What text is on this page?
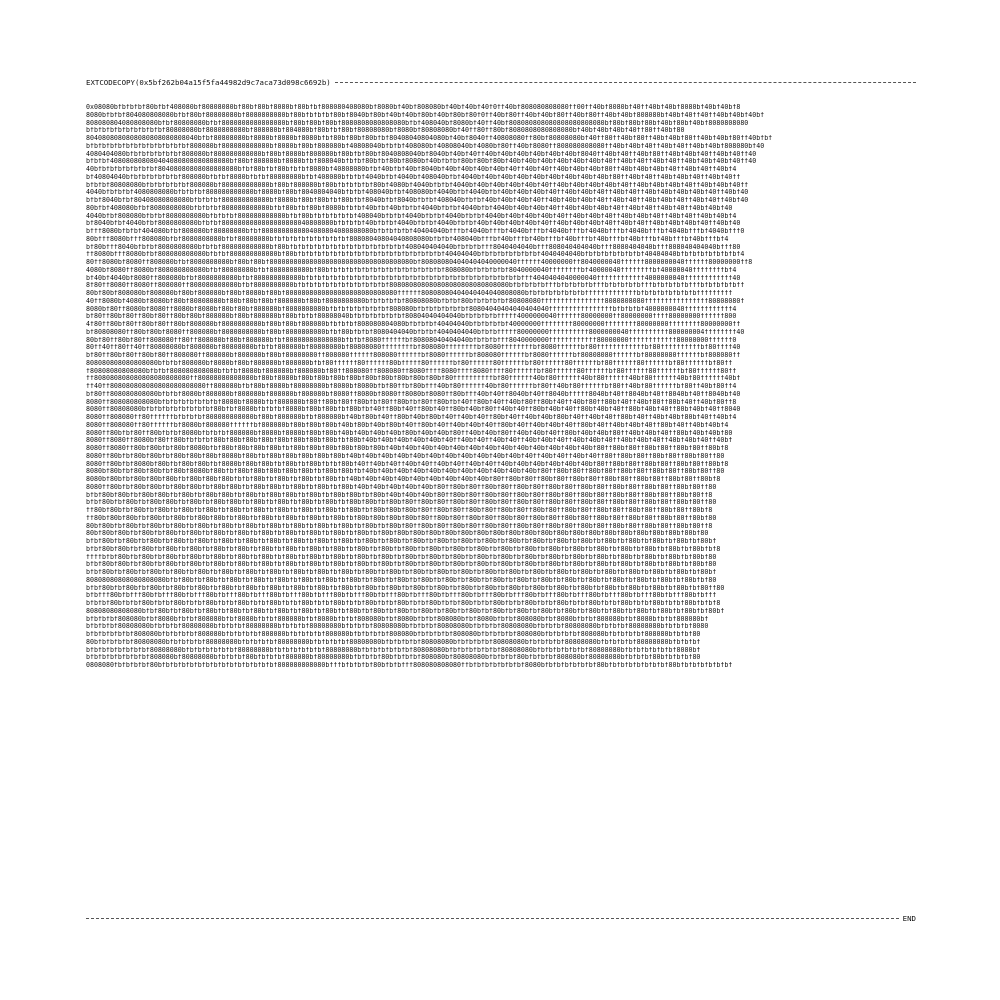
EXTCODECOPY(0x5bf262b04a15f5fa44982d9c7aca73d098c6692b)
0x08080bfbfbfbf80bfbf408080bf80808080bf80bf80bf8080bf80bfbf808080408080bf8080bf40bf808080bf40bf40bf40f0ff40bf808080808080ff00ff40bf8080bf40ff40bf40bf8080bf40bf40bf8
8080bfbfbf804080808080bfbf80bf80808080bf8080808080bf80bfbfbfbf80bf8040bf80bf40bf40bf80bf40bf80bf80f0ff40bf80ff40bf40bf80ff40bf80ff40bf40bf808080bf40bf40ff40ff40bf40bf40bf
808080804080808080bfbf80808080bfbf8080808080808080bf80bf80bf80bf8080808080808080bfbf408040bf8080bf40ff40bf808080808080808080808080bf80bf80bf80bf40bf80bf40bf8080808080
bfbfbfbfbfbfbfbfbfbf80808080bf8080808080bf808080bf804080bf80bfbf80bf80808080bf8080bf80808080bf40ff80ff80bf8080808080808080bf40bf40bf40bf40ff80ff40bf80
8040808080808080808080808040bfbf80808080bf8080bf8080bf8080bfbf80bf80bf80bfbf80408040804080bf40bf8040ff40808080ff80bf80808080bf40ff80ff40bf80ff40bf40bf80ff40bf40bf80ff40bfbf
bfbfbfbfbfbfbfbfbfbfbfbfbf808080bf808080808080bf8080bf80bf808080bf40808040bfbfbf408080bf40808040bf4080bf80ff40bf8080ff808080808080ff40bf40bf40ff40bf40ff40bf40bf808080bf40
4080404080bfbfbfbfbfbfbf808080bf808080808080bf80bf8080bf808080bf80bfbf80bf8040808040bf8040bf40bf40ff40bf40bf40bf40bf40bf40bf8040ff40bf40ff40bf80ff40bf40bf40ff40bf40ff40
bfbfbf408080808080404080808080808080bf80bf808080bf8080bfbf808040bfbfbf80bfbf80bf8080bf40bfbfbf80bf80bf80bf40bf40bf40bf40bf40bf40bf40ff40bf40ff40bf40ff40bf40bf40bf40ff40
40bfbfbfbfbfbfbfbf80408080808080808080bfbf80bfbf80bfbfbf8080bf40808080bfbf40bfbf40bf8040bf40bf40bf40bf40bf40ff40bf40ff40bf40bf40bf80ff40bf40bf40bf40ff40bf40ff40bf4
bf40804040bfbfbfbfbfbfbf808080bfbfbf8080bfbfbf80808080bfbf408080bfbfbf4040bfbf4040bf408040bfbf4040bf40bf40bf40bf40bf40bf40bf40bf40bf80ff40bf40ff40bf40bf40ff40bf40ff
bfbfbf80808080bfbfbfbfbfbf808080bf808080808080bf80bf808080bf80bfbfbfbfbf80bf4080bf4040bfbfbf4040bf40bf40bf40bf40bf40ff40bf40bf40bf40bf40ff40bf40bf40bf40ff40bf40bf40ff
4040bfbfbfbf4080808080bfbfbfbf808080808080bf8080bf80bf8040804040bfbfbf408040bfbf408080bf4040bfbf4040bfbf40bf40bf40bf40ff40bf40bf40ff40bf40ff40bf40bf40bf40bf40ff40bf40
bfbf8040bfbf80408080808080bfbfbfbf808080808080bf8080bf80bf80bfbf80bfbf8040bfbf8040bfbfbf408040bfbfbf40bf40bf40bf40ff40bf40bf40bf40ff40bf40ff40bf40bf40ff40bf40ff40bf40
80bfbf408080bfbf8080808080bfbfbfbf808080808080bfbf80bfbf80bf8080bfbfbf40bfbf40bfbfbf4040bfbfbf4040bfbf4040bf40bf40bf40ff40bf40bf40bf40ff40bf40ff40bf40ff40bf40bf40
4040bfbf808080bfbfbf8080808080bfbfbfbf808080808080bfbf80bfbfbfbfbfbf408040bfbfbf4040bfbfbf4040bfbfbf4040bf40bf40bf40bf40ff40bf40bf40ff40bf40bf40ff40bf40ff40bf40bf4
bf8040bfbf4040bfbf8080808080bfbfbf8080808080808080808040808080bfbfbfbf40bfbfbf4040bfbfbf4040bfbfbf40bf40bf40bf40bf40ff40bf40bf40bf40ff40bf40ff40bf40bf40bf40ff40bf40
bfff8080bfbfbf404080bfbf808080bf80808080bfbf8080808080804080804080808080bfbfbfbfbf40404040bfffbf4040bfffbf4040bfffbf4040bfffbf4040bfffbf4040bfffbf4040bfffbf4040bfff0
80bfff8080bfff808080bfbf8080808080bfbf80808080bfbfbfbfbfbfbfbfbfbf80808040804040808080bfbfbf408040bfffbf40bfffbf40bfffbf40bfffbf40bfffbf40bfffbf40bfffbf40bfffbf4
bf80bfff8040bfbfbf8080808080bfbfbf808080808080bf80bfbfbfbfbfbfbfbfbfbfbfbfbfbfbf408040404040bfbfbfbfff8040404040bfff808040404040bfff8080404040bfff808040404040bfff80
ff8080bfff8080bfbf808080808080bfbfbf808080808080bf80bfbfbfbfbfbfbfbfbfbfbfbfbfbfbfbfbfbfbf40404040bfbfbfbfbfbfbfbf4040404040bfbfbfbfbfbfbfbf40404040bfbfbfbfbfbfbfbf4
80ff8080bf8080ff808080bfbf8080808080bf80bf80bf808080808080808080808080808080808080bf808080804040404040000040ffffff40000000ff8040000040ffffff8000000040ffffff80000000ff8
4080bf8080ff8080bf808080808080bfbf80808080bfbf8080808080bf80bfbfbfbfbfbfbfbfbfbfbfbfbfbfbf808080bfbfbfbfbf8040000040ffffffffbf40000040ffffffffbf40000040ffffffffbf4
bf40bf4040bf8080ff808080bfbf8080808080bfbf808080808080bfbfbfbfbfbfbfbfbfbfbfbfbfbfbfbfbfbfbfbfbfbfbfbfbfbfbfbfff4040404040000040ffffffffffff4000000040ffffffffffff40
8f80ff8080ff8080ff808080ff808080808080bfbf8080808080bfbfbfbfbfbfbfbfbfbfbfbf808080808080808080808080808080bfbfbfbfbfffbfbfbfbfbfffbfbfbfbfbfffbfbfbfbfbfffbfbfbfbfbff
80bf80bf808080bf808080bf80bf808080bf80bf8080bf80bf8080808080808080808080808080ffffff80808080404040404040808080bfbfbfbfbfbfbfbfffffffffffffbfbfbfbfbfbfbfbfffffffff
40ff8080bf4080bf8080bf80bf80808080bf80bf80bf80bf808080bf80bf8080808080bfbfbfbfbf80808080bfbfbf80bfbfbfbfbf80808080ffffffffffffffff8080808080ffffffffffffffff80808080f
8080bf80ff8080bf8080ff8080bf8080bf80bf80bf808080bf8080808080bfbfbfbfbfbfbfbf808080bfbfbfbfbfbfbf80804040404040404040ffffffffffffffffbfbfbfbf4000000040ffffffffffff4
bf80ff80bf80ff80bf80ff80bf80bf808080bf80bf808080bf80bfbfbf80808040bfbfbfbfbfbfbf80804040404040bfbfbfbfbfffff4000000040ffffff80000000ff80000000ffff80000000ffffff800
4f80ff80bf80ff80bf80ff80bf808080bf8080808080bf80bf80bf808080bfbfbfbf808080804080bfbfbfbf40404040bfbfbfbfbf40000000ffffffff80000000ffffffff80000000ffffffff80000000ff
bf80808080ff80bf80bf8080ff808080bf8080808080bf80bf8080808080bfbf80bfbfbf8080404040bfbfbf4040404040bfbfbfffff80000000ffffffffff8000000040ffffffffff800000004ffffffff40
80bf80ff80bf80ff808080ff80ff808080bf80bf808080bfbf80808080808080bfbfbf8080ffffffbf80808040404040bfbfbfbfff8040000000ffffffffffff80000000ffffffffffff80000000ffffff0
80ff40ff80ff40ff80808080bf808080bf80808080bfbfbf808080bf80808080bf80808080ffffffffbf808080ffffffffbf8080ffffffffbf8080ffffffbf80ffffffffffffbf80ffffffffffbf80ffff40
bf80ff80bf80ff80bf80ff808080ff808080bf808080bf80bf80808080ff808080ffffff808080ffffffbf8080ffffffbf808080ffffffbf8080ffffffbf80808080ffffffbf80808080ffffffbf808080ff
808080808080808080bfbfbf808080bf8080bf80bf808080bf808080bfbf80ffffff80ffffff80bfffff80ffffffbf80ffffff80ffffffbf80ffffff80ffffffbf80ffffff80ffffffbf80ffffffbf80ff
f80808080808080bfbfbf808080808080bfbfbf8080bf808080bf808080bf80ff808080ff808080ff8080ffff8080ffff8080ffff80ffffffbf80ffffff80ffffffbf80ffffff80ffffffbf80ffffff80ff
ff808080808080808080808080ff80808080808080bf80bf8080bf80bf80bf80bf80bf80bf80bf80bf80bf80bf80ffffffffffbf80ffffff40bf80ffffff40bf80ffffff40bf80ffffff40bf80ffffff40bf
ff40ff808080808080808080808080ff808080bfbf80bf8080bf80808080bf8080bf8080bfbf80ffbf80bfff40bf80ffffff40bf80ffffffbf80ff40bf80ffffffbf80ff40bf80ffffffbf80ff40bf80ff4
bf80ff808080808080bfbfbf8080bf808080bf808080bf808080bf808080bf8080ff8080bf8080ff8080bf8080ff80bfff40bf40ff8040bf40ff8040bfffff8040bf40ff8040bf40ff8040bf40ff8040bf40
8080ff808080808080bfbfbfbfbfbfbfbf8080bf8080bfbf808080bf80ff80bf80ff80bfbf80ff80bfbf80ff80bfbf40ff80bf40ff40bf80ff80bf40ff40bf80ff80bf40ff40bf80ff80bf40ff40bf80ff8
8080ff80808080bfbfbfbfbfbfbfbfbf80bfbf8080bfbfbfbf8080bf80bf80bfbf80bfbf40ff80bf40ff80bf40ff80bf40bf80ff40bf40ff80bf40bf40ff80bf40bf40ff80bf40bf40ff80bf40bf40ff8040
8080ff808080ff80ffffffbfbfbfbf808080808080bf80bf808080bfbf808080bf40bf80bf40ff80bf40bf80bf40ff40bf40ff80bf40ff40bf40bf80bf40ff40bf40ff80bf40ff40bf40bf80bf40ff40bf4
8080ff808080ff80ffffffbf8080bf808080ffffffbf808080bf80bf80bf80bf40bf80bf40bf80bf40ff80bf40ff40bf40bf40ff80bf40ff40bf40bf40ff80bf40ff40bf40bf40ff80bf40ff40bf40bf4
8080ff80bfbf80ff80bfbfbf8080bfbfbfbf808080bf8080bf8080bf80bf80bf40bf40bf40bf40bf80bf40bf40bf80ff40bf40bf80ff40bf40bf40ff80bf40bf40bf80ff40bf40bf40ff80bf40bf40bf80
8080ff8080ff8080bf80ff80bfbfbfbf80bf80bf80bf80bf80bf80bf80bf80bfbf80bf40bf40bf40bf40bf40bf40ff40bf40ff40bf40ff40bf40bf40ff40bf40bf40ff40bf40bf40ff40bf40bf40ff40bf
8080ff8080ff80bf80bfbf80bf8080bfbf80bf80bf80bf80bfbf80bf80bf80bf80bf80bf80bf40bf40bf40bf40bf40bf40bf40bf40bf40bf40bf40bf40bf40bf80ff80bf80ff80bf80ff80bf80ff80bf8
8080ff80bfbf80bf80bfbf80bf80bf80bf8080bf80bfbf80bf80bf80bf80bf80bf40bf40bf40bf40bf40bf40bf40bf40bf40bf40bf40bf40ff40bf40ff40bf40ff80ff80bf80ff80bf80ff80bf80ff80
8080ff80bfbf8080bf80bfbf80bf80bfbf8080bf80bf80bfbf80bfbf80bfbfbf80bf40ff40bf40ff40bf40ff40bf40ff40bf40ff40bf40bf40bf40bf40bf40bf80ff80bf80ff80bf80ff80bf80ff80bf8
8080bf80bfbf80bf80bfbf80bf8080bf80bfbf80bf80bf80bf80bf80bfbf80bf80bfbf40bf40bf40bf40bf40bf40bf40bf40bf40bf40bf40bf80ff80bf80ff80bf80ff80bf80ff80bf80ff80bf80ff80
8080bf80bfbf80bf80bf80bfbf80bf80bf80bfbfbf80bfbf80bfbf80bfbf80bfbf40bf40bf40bf40bf40bf40bf40bf40bf40bf80ff80bf80ff80bf80ff80bf80ff80bf80ff80bf80ff80bf80ff80bf8
8080ff80bfbf80bf80bfbf80bf80bfbf80bf80bfbf80bf80bfbf80bfbf80bfbf80bf40bf40bf40bf40bf40bf80ff80bf80ff80bf80ff80bf80ff80bf80ff80bf80ff80bf80ff80bf80ff80bf80ff80
bfbf80bf80bfbf80bf80bfbf80bfbf80bf80bfbf80bfbf80bf80bfbf80bfbf80bf80bfbf80bf40bf40bf40bf80ff80bf80ff80bf80ff80bf80ff80bf80ff80bf80ff80bf80ff80bf80ff80bf80ff8
bfbf80bfbf80bfbf80bf80bfbf80bfbf80bf80bfbf80bfbf80bfbf80bfbf80bfbf80bf80bfbf80bf80ff80bf80ff80bf80ff80bf80ff80bf80ff80bf80ff80bf80ff80bf80ff80bf80ff80bf80ff80
ff80bf80bfbf80bfbf80bfbf80bfbf80bfbf80bfbf80bfbf80bfbf80bfbf80bfbf80bfbf80bf80bf80bf80ff80bf80ff80bf80ff80bf80ff80bf80ff80bf80ff80bf80ff80bf80ff80bf80ff80bf8
ff80bf80bf80bfbf80bfbf80bfbf80bf80bfbf80bfbf80bfbf80bfbf80bfbf80bfbf80bf80bf80bf80bf80ff80bf80ff80bf80ff80bf80ff80bf80ff80bf80ff80bf80ff80bf80ff80bf80ff80bf80
80bf80bfbf80bfbf80bfbf80bfbf80bfbf80bfbf80bfbf80bfbf80bfbf80bfbf80bfbf80bfbf80bf80ff80bf80ff80bf80ff80bf80ff80bf80ff80bf80ff80bf80ff80bf80ff80bf80ff80bf80ff8
80bf80bf80bfbf80bfbf80bfbf80bfbf80bfbf80bfbf80bfbf80bfbf80bfbf80bfbf80bfbf80bf80bf80bf80bf80bf80bf80bf80bf80bf80bf80bf80bf80bf80bf80bf80bf80bf80bf80bf80bf80
bfbf80bfbf80bfbf80bfbf80bfbf80bfbf80bfbf80bfbf80bfbf80bfbf80bfbf80bfbf80bfbf80bfbf80bfbf80bfbf80bfbf80bfbf80bfbf80bfbf80bfbf80bfbf80bfbf80bfbf80bfbf80bfbf80bf
bfbf80bf80bfbf80bfbf80bfbf80bfbf80bfbf80bfbf80bfbf80bfbf80bfbf80bfbf80bfbf80bfbf80bfbf80bfbf80bfbf80bfbf80bfbf80bfbf80bfbf80bfbf80bfbf80bfbf80bfbf80bfbf80bfbf8
ffffbfbf80bfbf80bfbf80bfbf80bfbf80bfbf80bfbf80bfbf80bfbf80bfbf80bfbf80bfbf80bfbf80bfbf80bfbf80bfbf80bfbf80bfbf80bfbf80bfbf80bfbf80bfbf80bfbf80bfbf80bfbf80bf80
bfbf80bf80bfbf80bfbf80bfbf80bfbf80bfbf80bfbf80bfbf80bfbf80bfbf80bfbf80bfbf80bfbf80bfbf80bfbf80bfbf80bfbf80bfbf80bfbf80bfbf80bfbf80bfbf80bfbf80bfbf80bfbf80bf80
bfbf80bfbf80bfbf80bfbf80bfbf80bfbf80bfbf80bfbf80bfbf80bfbf80bfbf80bfbf80bfbf80bfbf80bfbf80bfbf80bfbf80bfbf80bfbf80bfbf80bfbf80bfbf80bfbf80bfbf80bfbf80bfbf80bf
80808080808080808080bfbf80bfbf80bfbf80bfbf80bfbf80bfbf80bfbf80bfbf80bfbf80bfbf80bfbf80bfbf80bfbf80bfbf80bfbf80bfbf80bfbf80bfbf80bfbf80bfbf80bfbf80bfbf80bfbf80
bfbf80bfbf80bfbf80bfbf80bfbf80bfbf80bfbf80bfbf80bfbf80bfbf80bfbf80bfbf80bfbf80bfbf80bfbf80bfbf80bfbf80bfbf80bfbf80bfbf80bfbf80bfbf80bfbf80bfbf80bfbf80bfbf80ff80
bfbfff80bfbfff80bfbfff80bfbfff80bfbfff80bfbfff80bfbfff80bfbfff80bfbfff80bfbfff80bfbfff80bfbfff80bfbfff80bfbfff80bfbfff80bfbfff80bfbfff80bfbfff80bfbfff80bfbfff
bfbfbf80bfbfbf80bfbfbf80bfbfbf80bfbfbf80bfbfbf80bfbfbf80bfbfbf80bfbfbf80bfbfbf80bfbfbf80bfbfbf80bfbfbf80bfbfbf80bfbfbf80bfbfbf80bfbfbf80bfbfbf80bfbfbf80bfbfbf8
80808080808080bfbf80bfbf80bfbf80bfbf80bfbf80bfbf80bfbf80bfbf80bfbf80bfbf80bfbf80bfbf80bfbf80bfbf80bfbf80bfbf80bfbf80bfbf80bfbf80bfbf80bfbf80bfbf80bfbf80bfbf80bf
bfbfbfbf808080bfbf8080bfbfbf808080bfbf8080bfbfbf808080bfbf8080bfbfbf808080bfbf8080bfbfbf808080bfbf8080bfbfbf808080bfbf8080bfbfbf808080bfbf8080bfbfbf808080bf
bfbfbfbf80808080bfbfbfbf80808080bfbfbfbf80808080bfbfbfbf80808080bfbfbfbf80808080bfbfbfbf80808080bfbfbfbf80808080bfbfbfbf80808080bfbfbfbf80808080bfbfbfbf8080
bfbfbfbfbfbf808080bfbfbfbfbf808080bfbfbfbfbf808080bfbfbfbfbf808080bfbfbfbfbf808080bfbfbfbfbf808080bfbfbfbfbf808080bfbfbfbfbf808080bfbfbfbfbf808080bfbfbf80
80bfbfbfbfbf80808080bfbfbfbfbf80808080bfbfbfbfbf80808080bfbfbfbfbf80808080bfbfbfbfbf80808080bfbfbfbfbf80808080bfbfbfbfbf80808080bfbfbfbfbf80808080bfbfbfbf
bfbfbfbfbfbfbfbf80808080bfbfbfbfbfbfbf80808080bfbfbfbfbfbfbf80808080bfbfbfbfbfbfbf80808080bfbfbfbfbfbfbf80808080bfbfbfbfbfbfbf80808080bfbfbfbfbfbfbf8080bf
bfbfbfbfbfbfbfbf808080bf80808080bfbfbfbf80bfbfbfbf808080bf80808080bfbfbfbf80bfbfbfbf808080bf80808080bfbfbfbf80bfbfbfbf808080bf80808080bfbfbfbf80bfbfbfbf80
0808080fbfbfbfbf80bfbfbfbfbfbfbfbfbfbfbfbfbfbfbf808080808080bfffbfbfbfbf80bfbfbfff808080808080ffbfbfbfbfbfbfbf8080bfbfbfbfbfbfbf80bfbfbfbfbfbfbfbf80bfbfbfbfbfbfbf
END
